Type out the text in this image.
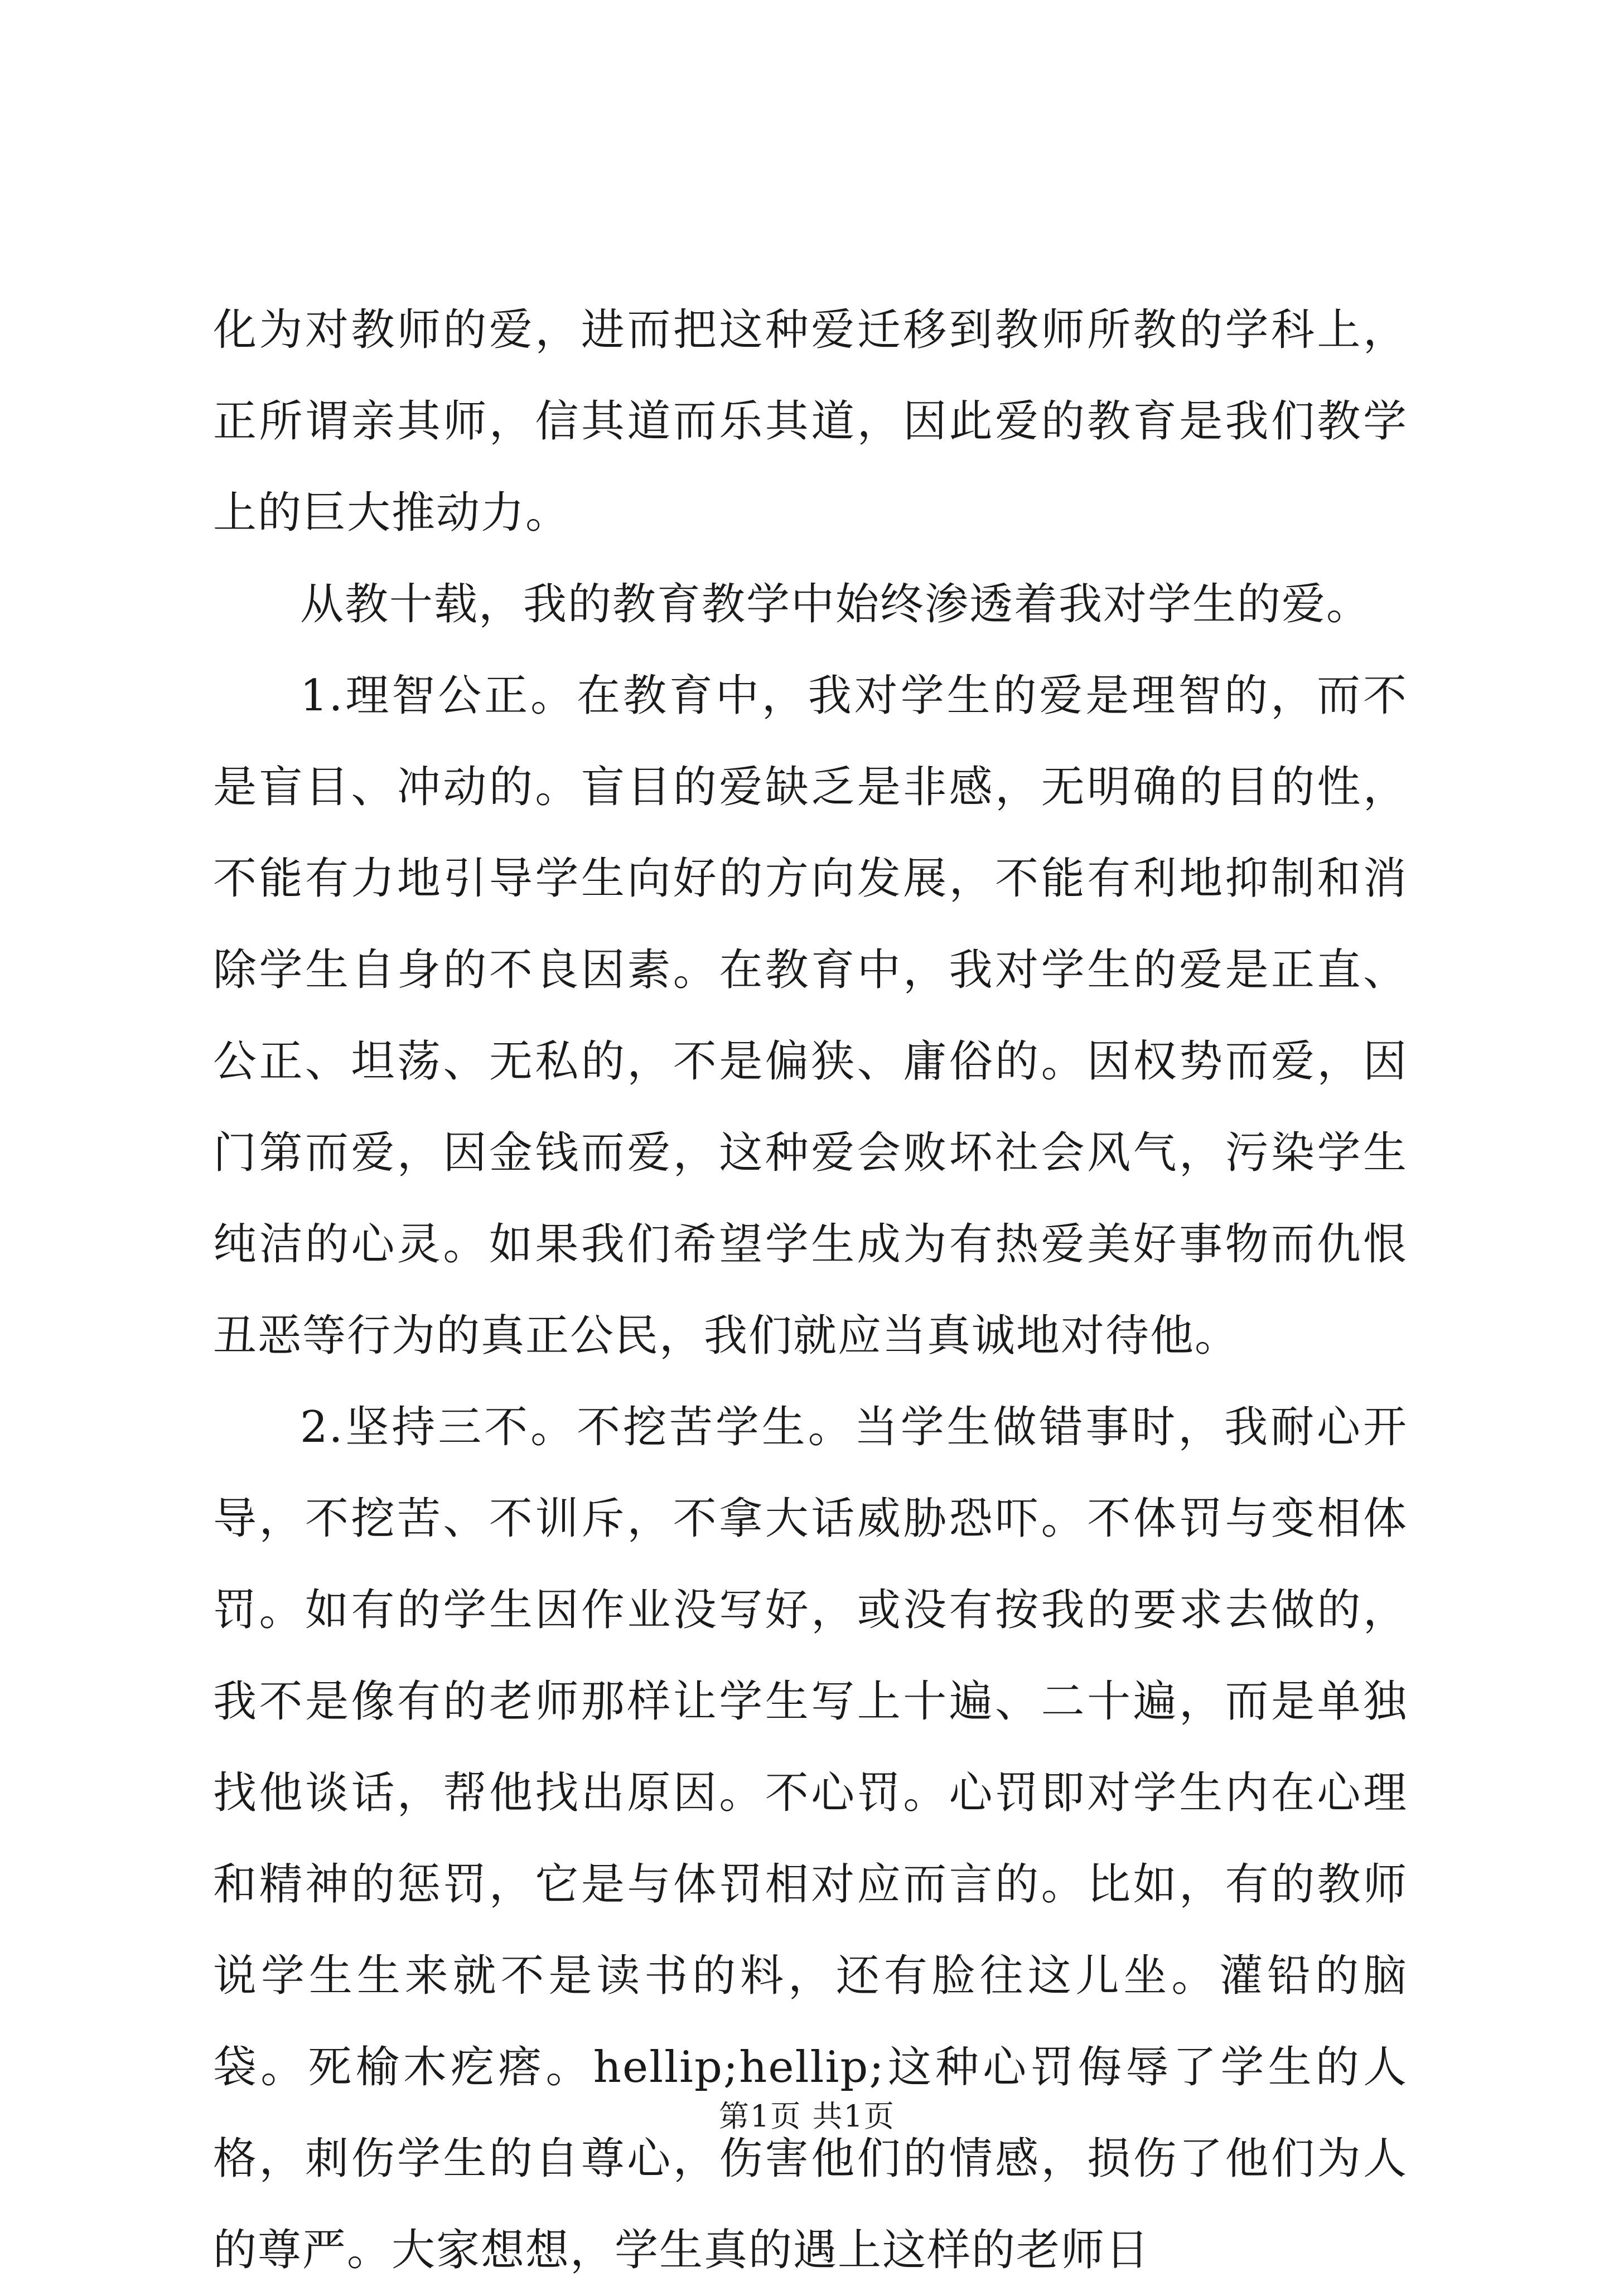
化为对教师的爱，进而把这种爱迁移到教师所教的学科上，正所谓亲其师，信其道而乐其道，因此爱的教育是我们教学上的巨大推动力。

从教十载，我的教育教学中始终渗透着我对学生的爱。

1.理智公正。在教育中，我对学生的爱是理智的，而不是盲目、冲动的。盲目的爱缺乏是非感，无明确的目的性，不能有力地引导学生向好的方向发展，不能有利地抑制和消除学生自身的不良因素。在教育中，我对学生的爱是正直、公正、坦荡、无私的，不是偏狭、庸俗的。因权势而爱，因门第而爱，因金钱而爱，这种爱会败坏社会风气，污染学生纯洁的心灵。如果我们希望学生成为有热爱美好事物而仇恨丑恶等行为的真正公民，我们就应当真诚地对待他。

2.坚持三不。不挖苦学生。当学生做错事时，我耐心开导，不挖苦、不训斥，不拿大话威胁恐吓。不体罚与变相体罚。如有的学生因作业没写好，或没有按我的要求去做的，我不是像有的老师那样让学生写上十遍、二十遍，而是单独找他谈话，帮他找出原因。不心罚。心罚即对学生内在心理和精神的惩罚，它是与体罚相对应而言的。比如，有的教师说学生生来就不是读书的料，还有脸往这儿坐。灌铅的脑袋。死榆木疙瘩。hellip;hellip;这种心罚侮辱了学生的人格，刺伤学生的自尊心，伤害他们的情感，损伤了他们为人的尊严。大家想想，学生真的遇上这样的老师日

第1页 共1页
